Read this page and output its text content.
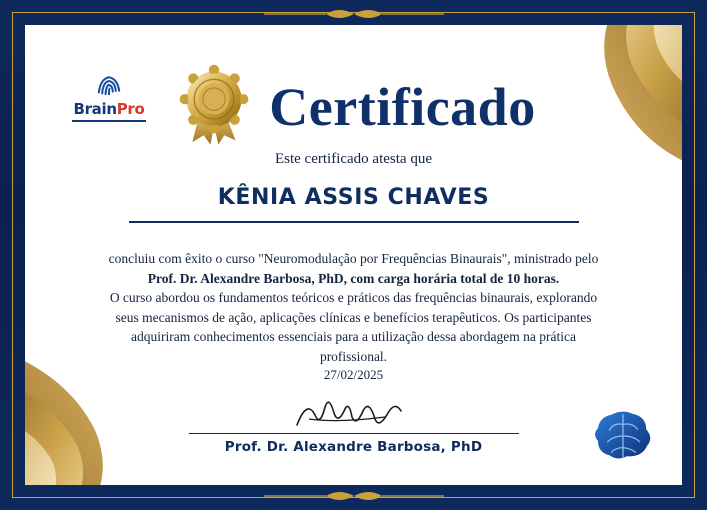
BrainPro Certificado
Este certificado atesta que
KÊNIA ASSIS CHAVES

concluiu com êxito o curso "Neuromodulação por Frequências Binaurais", ministrado pelo

Prof. Dr. Alexandre Barbosa, PhD, com carga horária total de 10 horas.

O curso abordou os fundamentos teóricos e práticos das frequências binaurais, explorando

seus mecanismos de ação, aplicações clínicas e benefícios terapêuticos. Os participantes

adquiriram conhecimentos essenciais para a utilização dessa abordagem na prática

profissional.

27/02/2025

Prof. Dr. Alexandre Barbosa, PhD
